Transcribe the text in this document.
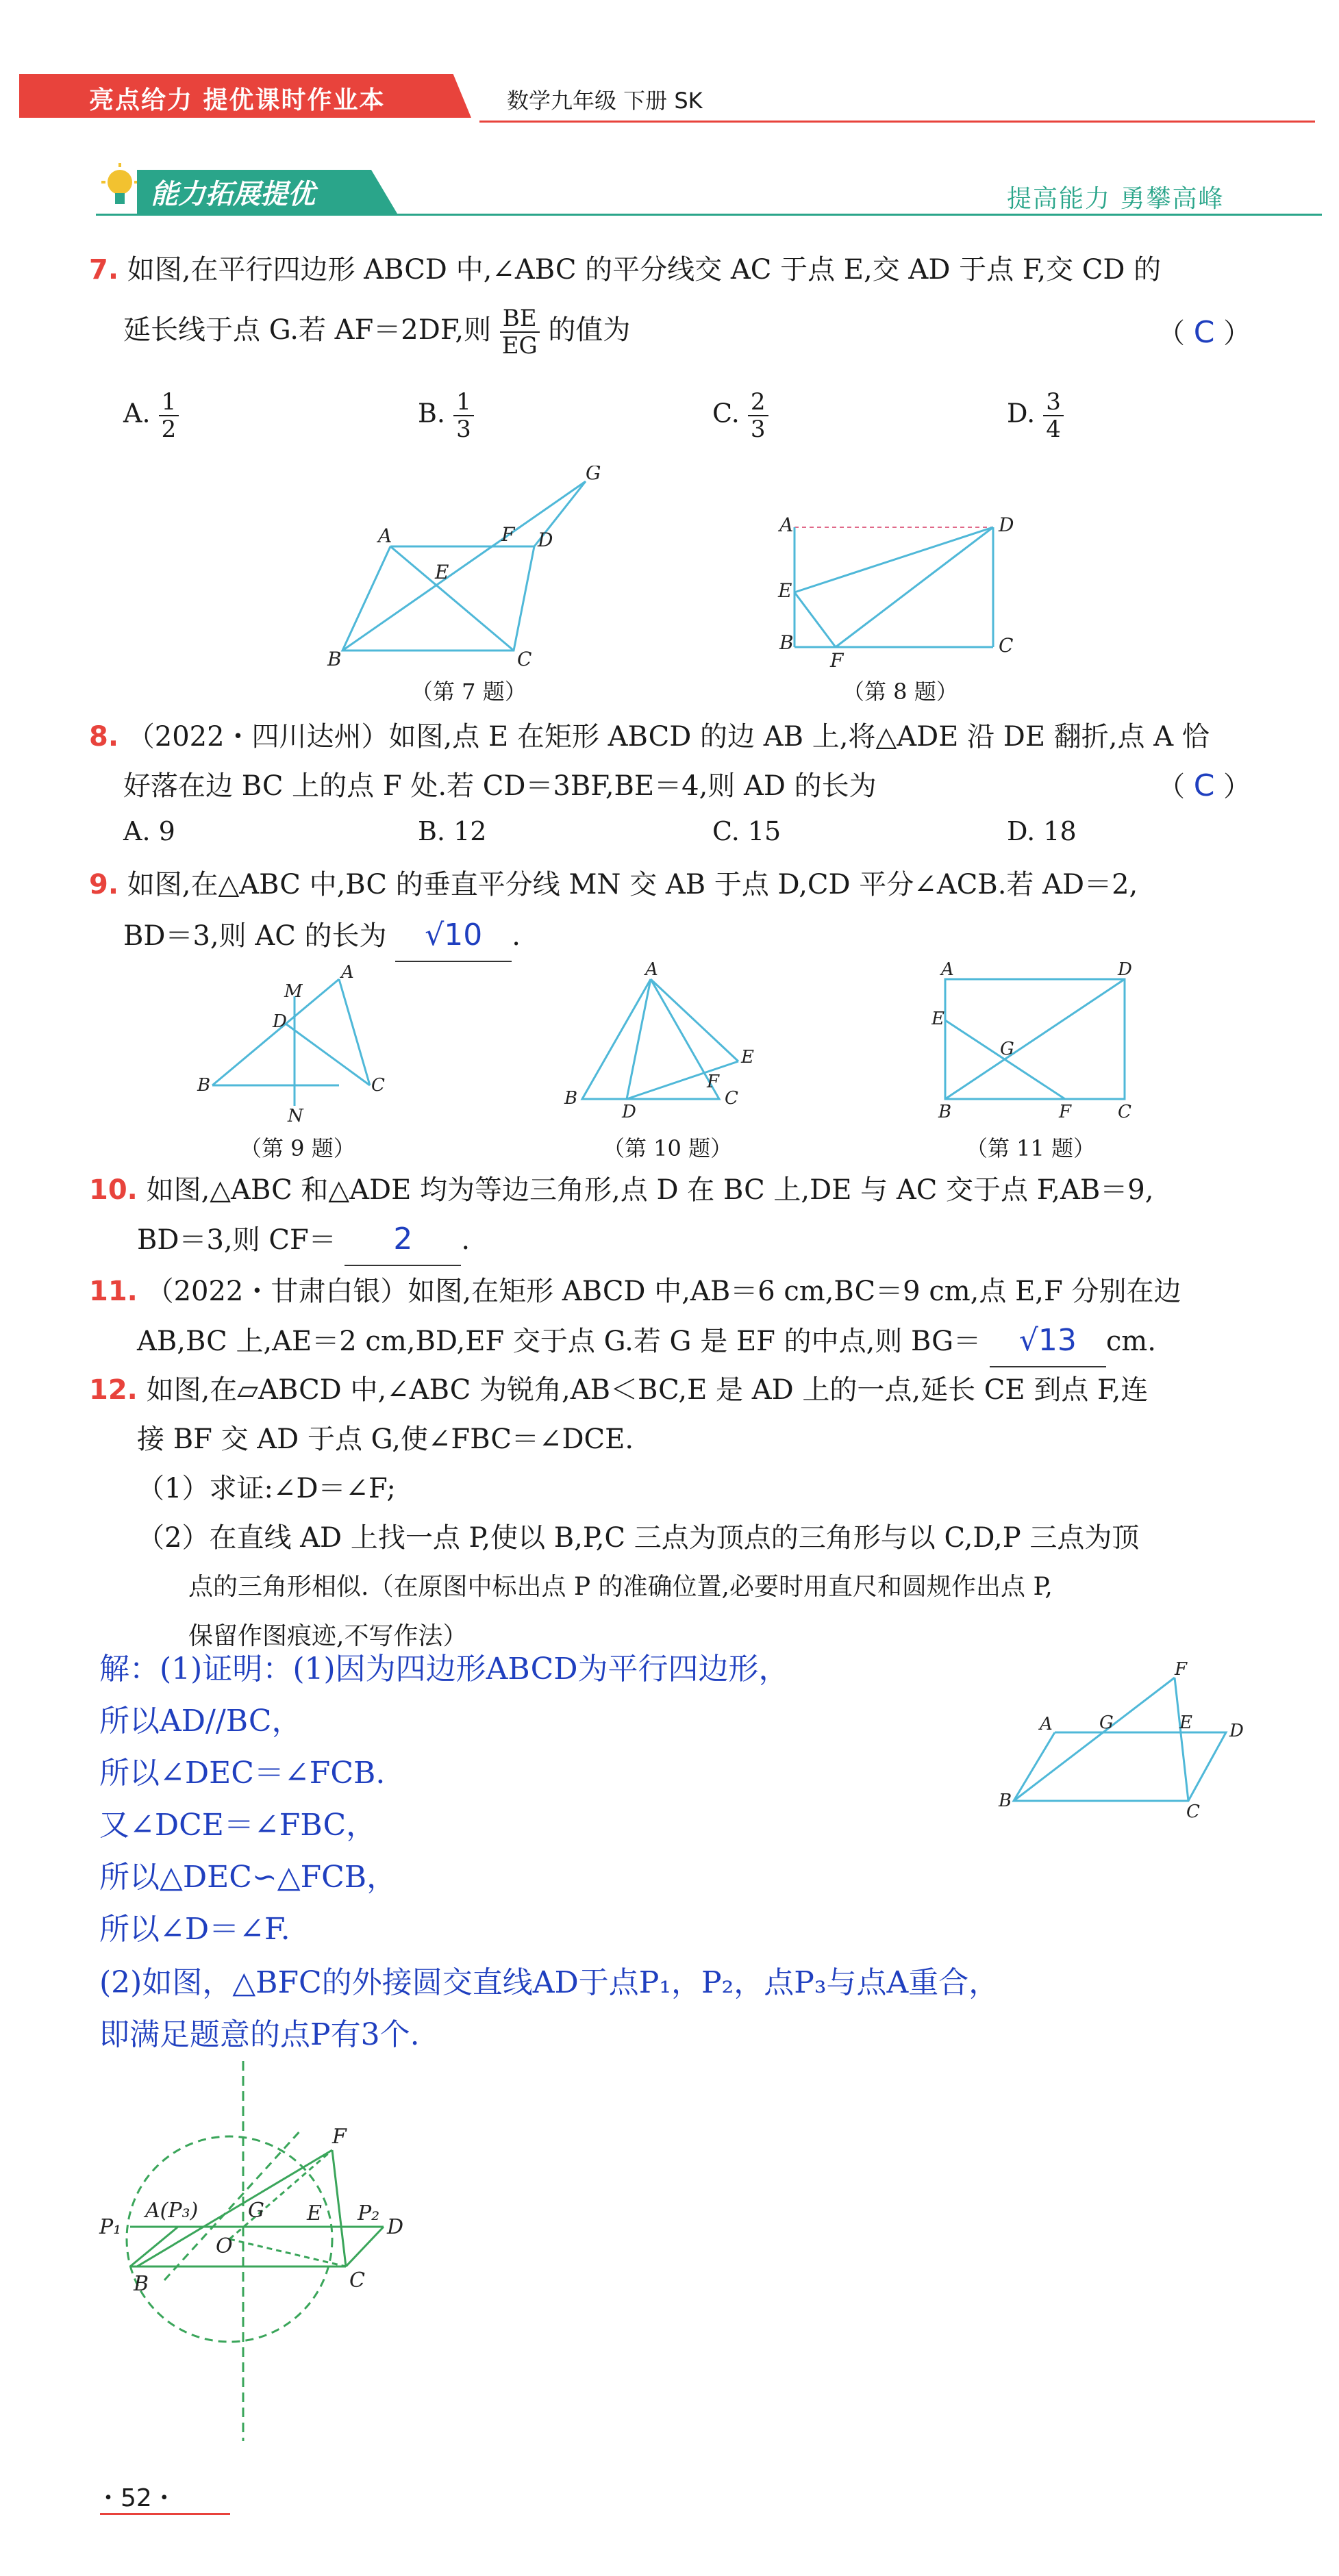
亮点给力 提优课时作业本	数学九年级 下册 SK
能力拓展提优	提高能力 勇攀高峰
7. 如图,在平行四边形 ABCD 中,∠ABC 的平分线交 AC 于点 E,交 AD 于点 F,交 CD 的
延长线于点 G.若 AF＝2DF,则 $\frac{BE}{EG}$ 的值为	（ C ）
A. $\frac{1}{2}$	B. $\frac{1}{3}$	C. $\frac{2}{3}$	D. $\frac{3}{4}$
A	F D
G
E
B	C
（第 7 题）
A	D
E
B
F
C
（第 8 题）
8. （2022・四川达州）如图,点 E 在矩形 ABCD 的边 AB 上,将△ADE 沿 DE 翻折,点 A 恰
好落在边 BC 上的点 F 处.若 CD＝3BF,BE＝4,则 AD 的长为	（ C ）
A. 9	B. 12	C. 15	D. 18
9. 如图,在△ABC 中,BC 的垂直平分线 MN 交 AB 于点 D,CD 平分∠ACB.若 AD＝2,
BD＝3,则 AC 的长为 √10 .
A
M
D
B	C
N
（第 9 题）
A
B
D
C
F
E
（第 10 题）
A	D
E
G
B	F	C
（第 11 题）
10. 如图,△ABC 和△ADE 均为等边三角形,点 D 在 BC 上,DE 与 AC 交于点 F,AB＝9,
BD＝3,则 CF＝ 2 .
11. （2022・甘肃白银）如图,在矩形 ABCD 中,AB＝6 cm,BC＝9 cm,点 E,F 分别在边
AB,BC 上,AE＝2 cm,BD,EF 交于点 G.若 G 是 EF 的中点,则 BG＝ √13 cm.
12. 如图,在▱ABCD 中,∠ABC 为锐角,AB＜BC,E 是 AD 上的一点,延长 CE 到点 F,连
接 BF 交 AD 于点 G,使∠FBC＝∠DCE.
（1）求证:∠D＝∠F;
（2）在直线 AD 上找一点 P,使以 B,P,C 三点为顶点的三角形与以 C,D,P 三点为顶
点的三角形相似.（在原图中标出点 P 的准确位置,必要时用直尺和圆规作出点 P,
保留作图痕迹,不写作法）
解：(1)证明：(1)因为四边形ABCD为平行四边形，
所以AD//BC，
所以∠DEC＝∠FCB.
又∠DCE＝∠FBC，
所以△DEC∽△FCB，
所以∠D＝∠F.
(2)如图，△BFC的外接圆交直线AD于点P₁，P₂，点P₃与点A重合，
即满足题意的点P有3个.
F
A	G	E D
B
C
F
A(P₃) G E P₂
P₁	D
O
B	C
・52・
